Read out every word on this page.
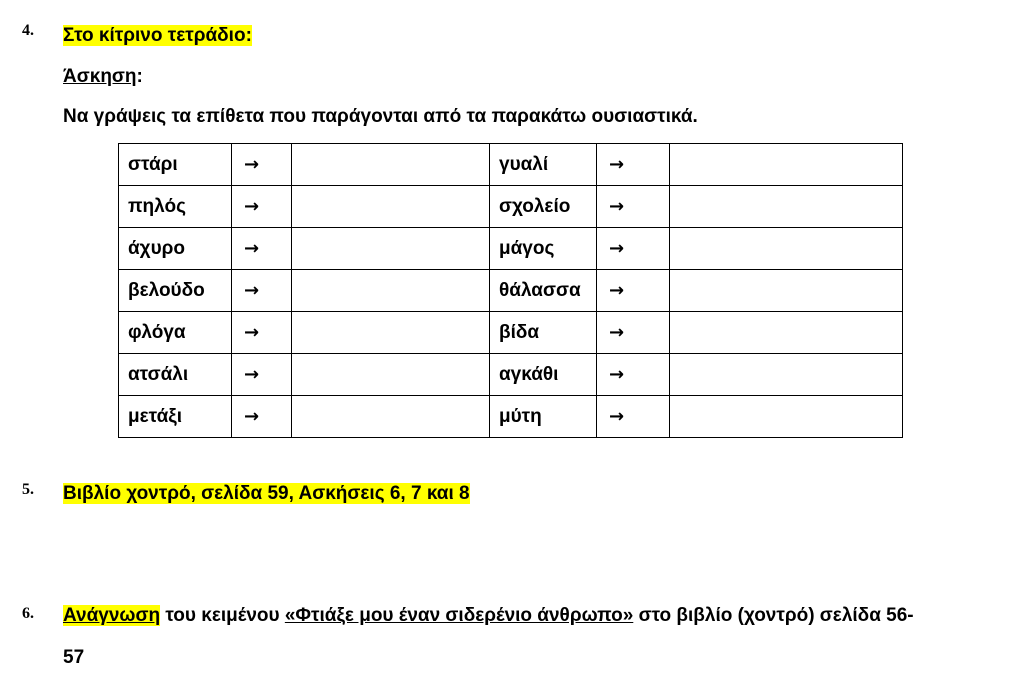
4. Στο κίτρινο τετράδιο:
Άσκηση:
Να γράψεις τα επίθετα που παράγονται από τα παρακάτω ουσιαστικά.
στάρι	→		γυαλί	→	
πηλός	→		σχολείο	→	
άχυρο	→		μάγος	→	
βελούδο	→		θάλασσα	→	
φλόγα	→		βίδα	→	
ατσάλι	→		αγκάθι	→	
μετάξι	→		μύτη	→	
5. Βιβλίο χοντρό, σελίδα 59, Ασκήσεις 6, 7 και 8
6. Ανάγνωση του κειμένου «Φτιάξε μου έναν σιδερένιο άνθρωπο» στο βιβλίο (χοντρό) σελίδα 56-
57
